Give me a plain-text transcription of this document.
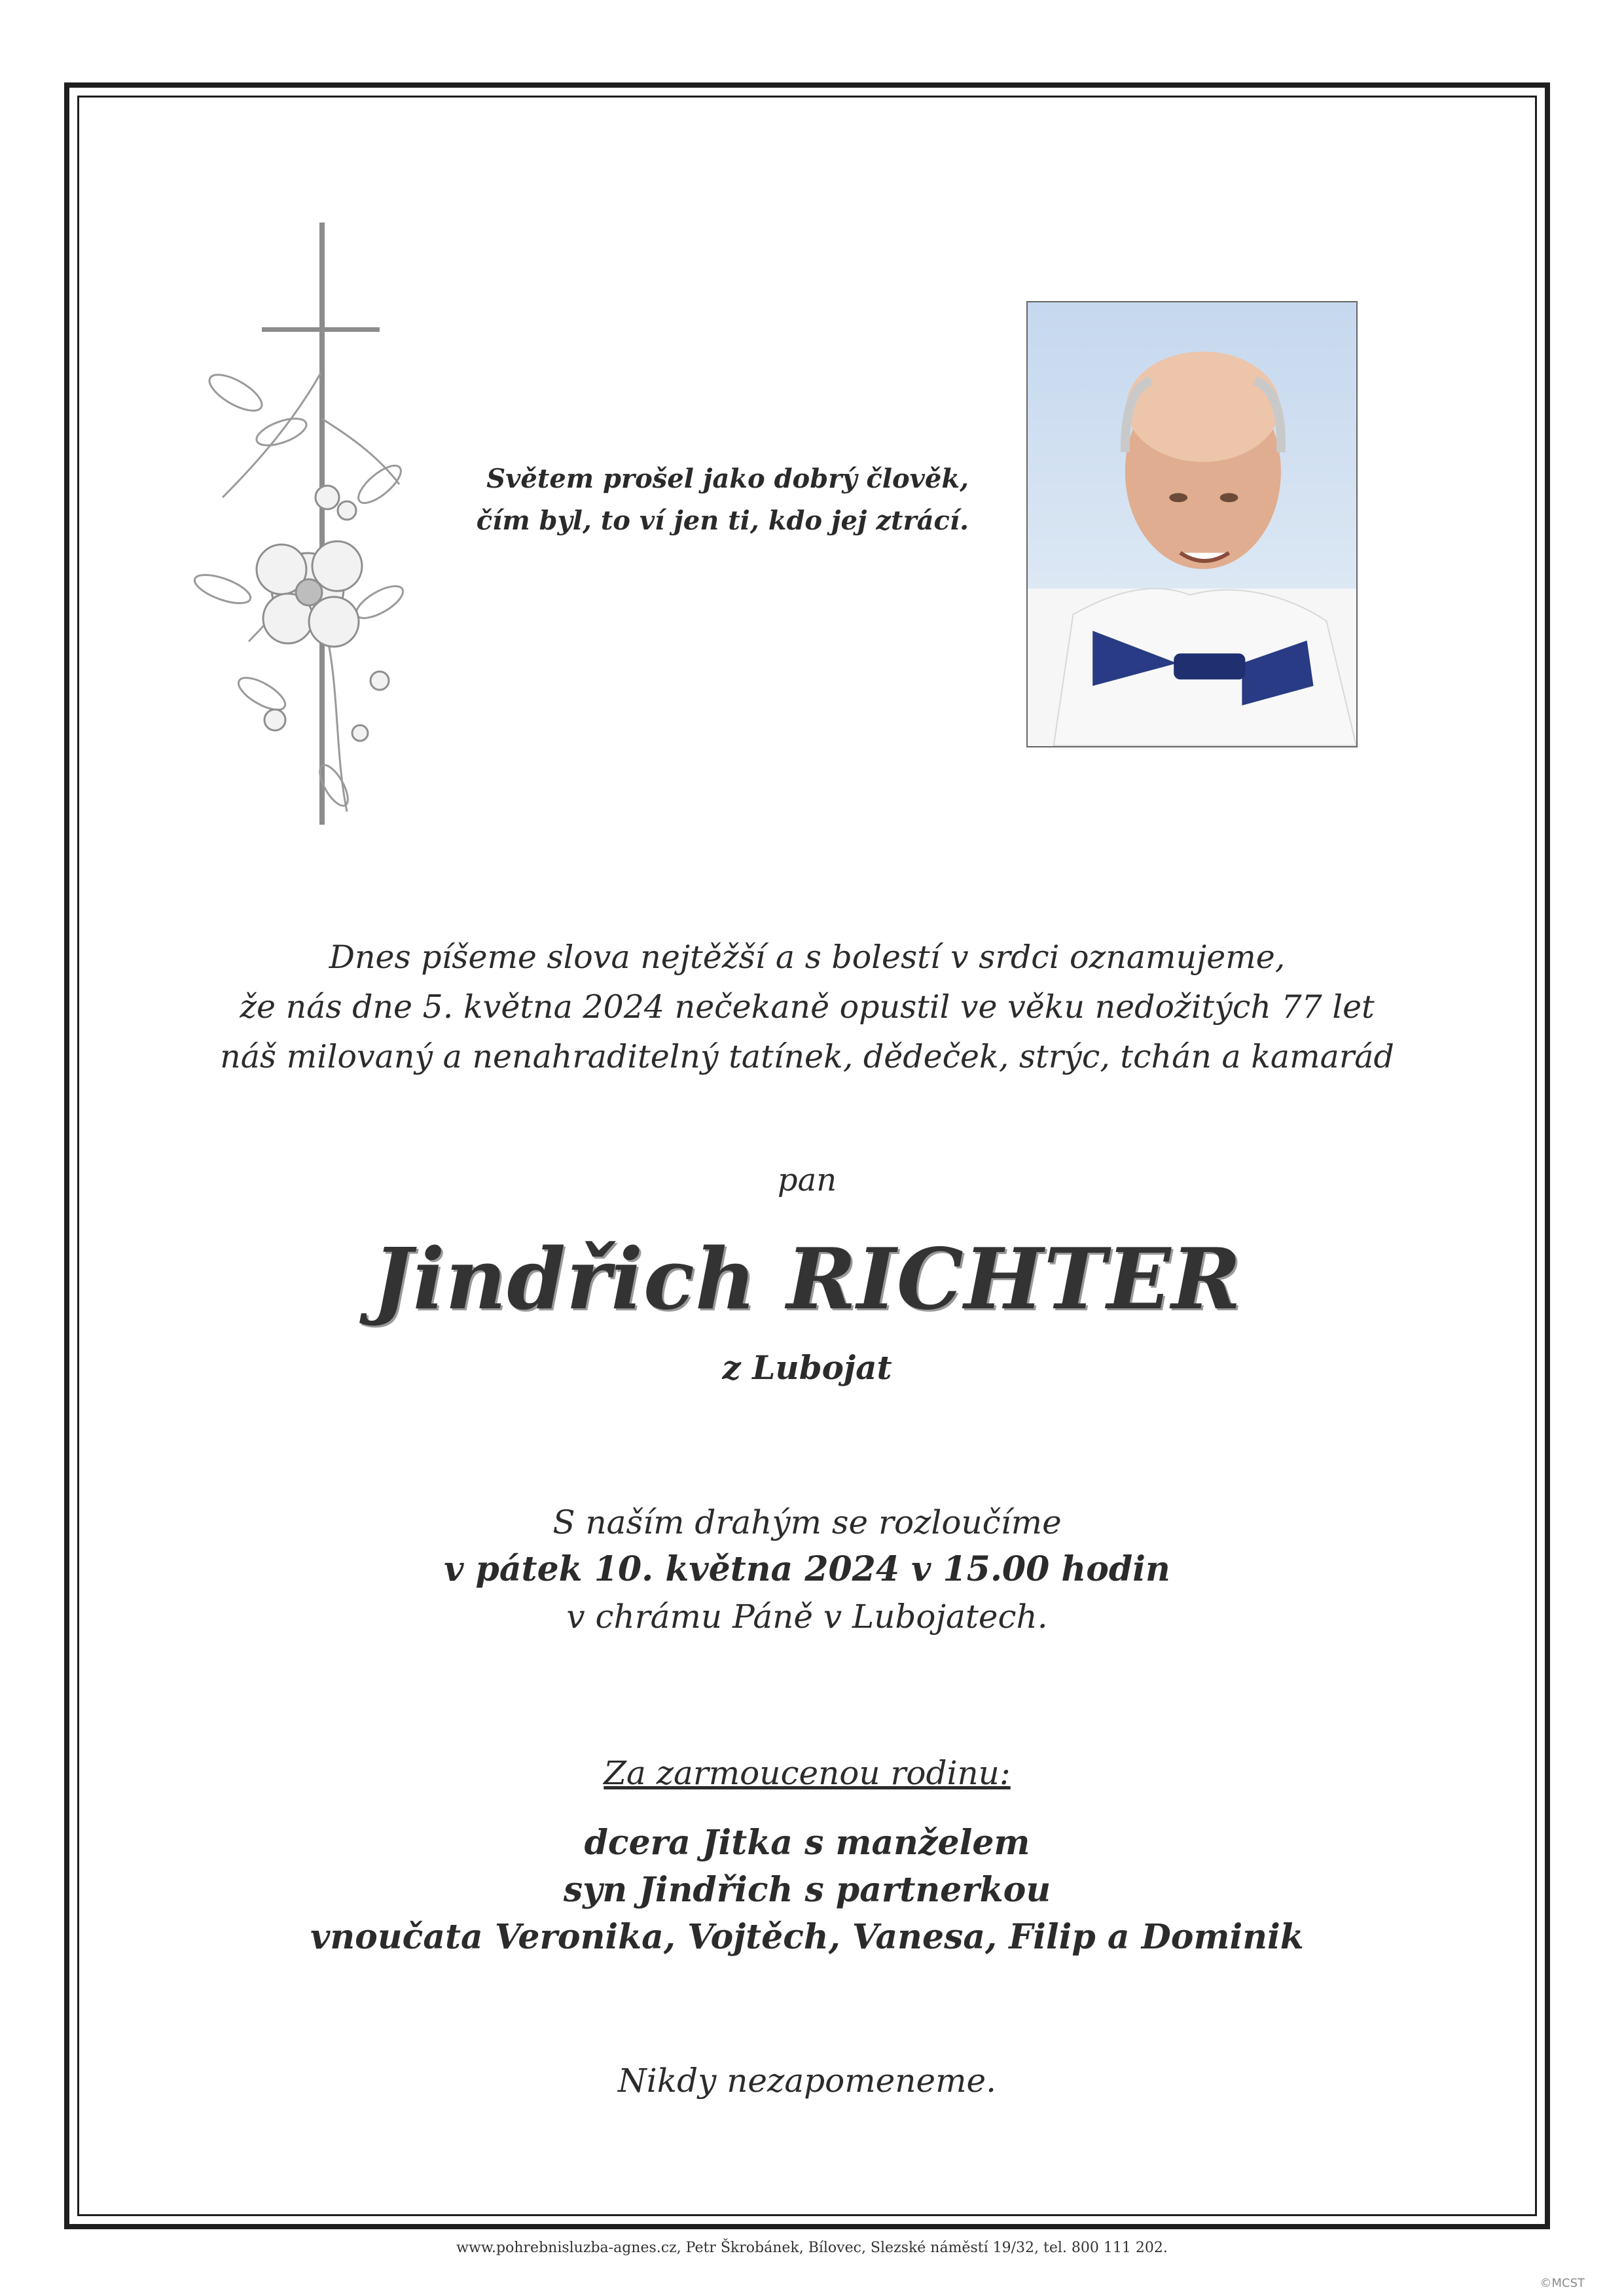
Světem prošel jako dobrý člověk,
čím byl, to ví jen ti, kdo jej ztrácí.
Dnes píšeme slova nejtěžší a s bolestí v srdci oznamujeme,
že nás dne 5. května 2024 nečekaně opustil ve věku nedožitých 77 let
náš milovaný a nenahraditelný tatínek, dědeček, strýc, tchán a kamarád
pan
Jindřich RICHTER
z Lubojat
S naším drahým se rozloučíme
v pátek 10. května 2024 v 15.00 hodin
v chrámu Páně v Lubojatech.
Za zarmoucenou rodinu:
dcera Jitka s manželem
syn Jindřich s partnerkou
vnoučata Veronika, Vojtěch, Vanesa, Filip a Dominik
Nikdy nezapomeneme.
www.pohrebnisluzba-agnes.cz, Petr Škrobánek, Bílovec, Slezské náměstí 19/32, tel. 800 111 202.
©MCST
